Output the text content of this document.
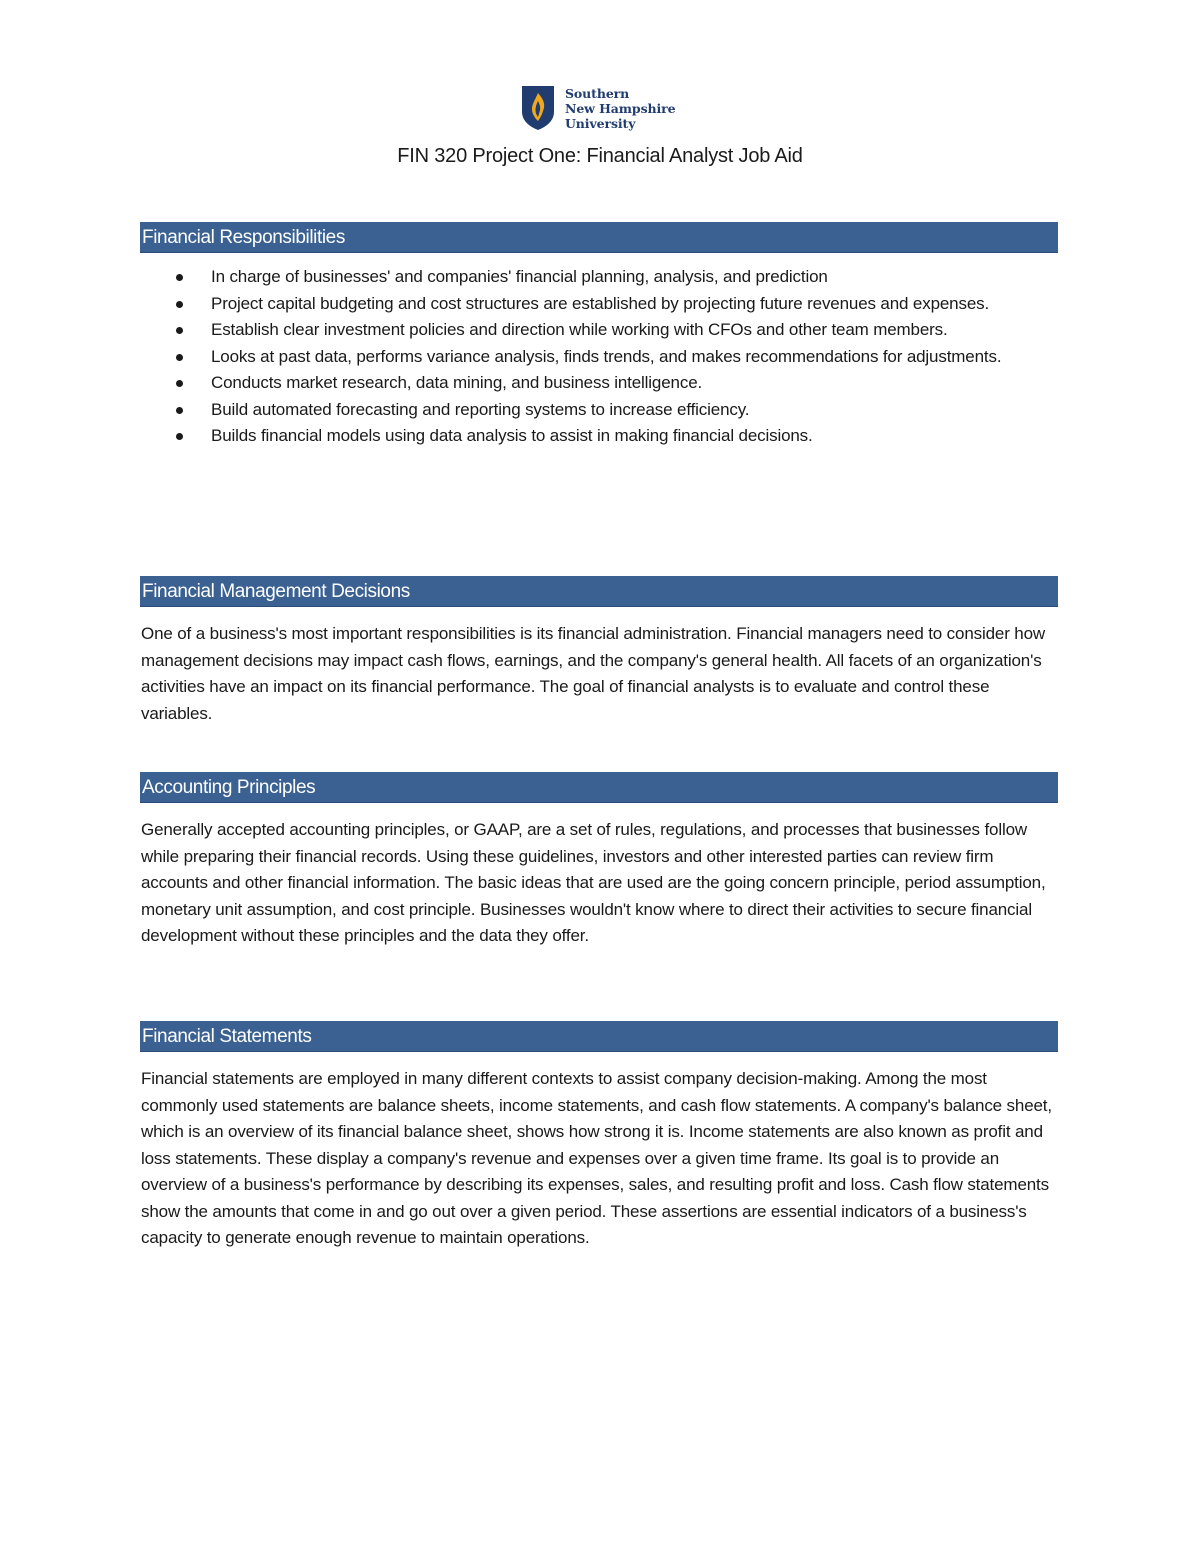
Southern
New Hampshire
University
FIN 320 Project One: Financial Analyst Job Aid
Financial Responsibilities
In charge of businesses' and companies' financial planning, analysis, and prediction
Project capital budgeting and cost structures are established by projecting future revenues and expenses.
Establish clear investment policies and direction while working with CFOs and other team members.
Looks at past data, performs variance analysis, finds trends, and makes recommendations for adjustments.
Conducts market research, data mining, and business intelligence.
Build automated forecasting and reporting systems to increase efficiency.
Builds financial models using data analysis to assist in making financial decisions.
Financial Management Decisions

One of a business's most important responsibilities is its financial administration. Financial managers need to consider how management decisions may impact cash flows, earnings, and the company's general health. All facets of an organization's activities have an impact on its financial performance. The goal of financial analysts is to evaluate and control these variables.

Accounting Principles

Generally accepted accounting principles, or GAAP, are a set of rules, regulations, and processes that businesses follow while preparing their financial records. Using these guidelines, investors and other interested parties can review firm accounts and other financial information. The basic ideas that are used are the going concern principle, period assumption, monetary unit assumption, and cost principle. Businesses wouldn't know where to direct their activities to secure financial development without these principles and the data they offer.

Financial Statements

Financial statements are employed in many different contexts to assist company decision-making. Among the most commonly used statements are balance sheets, income statements, and cash flow statements. A company's balance sheet, which is an overview of its financial balance sheet, shows how strong it is. Income statements are also known as profit and loss statements. These display a company's revenue and expenses over a given time frame. Its goal is to provide an overview of a business's performance by describing its expenses, sales, and resulting profit and loss. Cash flow statements show the amounts that come in and go out over a given period. These assertions are essential indicators of a business's capacity to generate enough revenue to maintain operations.
